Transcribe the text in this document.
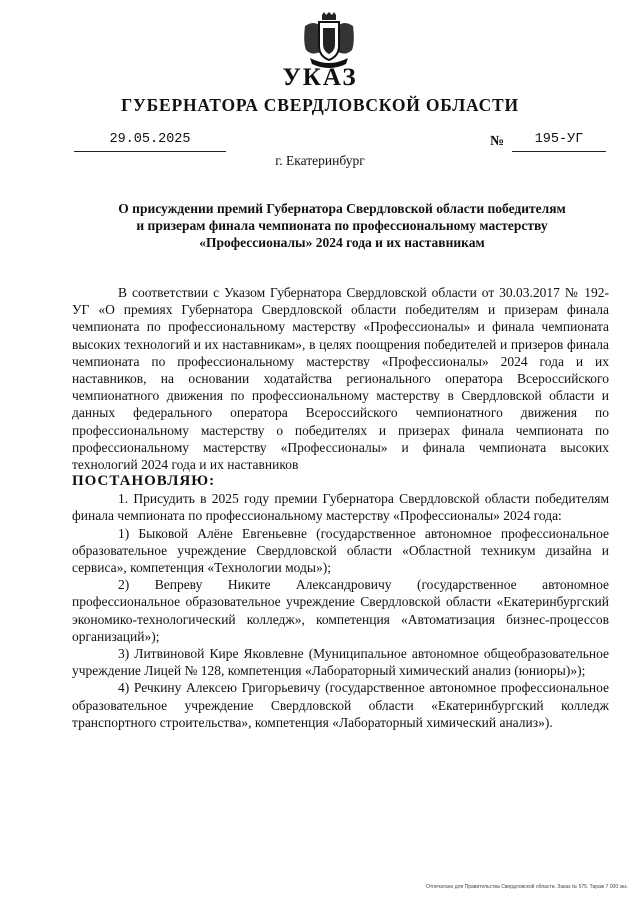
УКАЗ
ГУБЕРНАТОРА СВЕРДЛОВСКОЙ ОБЛАСТИ
29.05.2025	№	195-УГ
г. Екатеринбург
О присуждении премий Губернатора Свердловской области победителям
и призерам финала чемпионата по профессиональному мастерству
«Профессионалы» 2024 года и их наставникам

В соответствии с Указом Губернатора Свердловской области от 30.03.2017 № 192-УГ «О премиях Губернатора Свердловской области победителям и призерам финала чемпионата по профессиональному мастерству «Профессионалы» и финала чемпионата высоких технологий и их наставникам», в целях поощрения победителей и призеров финала чемпионата по профессиональному мастерству «Профессионалы» 2024 года и их наставников, на основании ходатайства регионального оператора Всероссийского чемпионатного движения по профессиональному мастерству в Свердловской области и данных федерального оператора Всероссийского чемпионатного движения по профессиональному мастерству о победителях и призерах финала чемпионата по профессиональному мастерству «Профессионалы» и финала чемпионата высоких технологий 2024 года и их наставников

ПОСТАНОВЛЯЮ:

1. Присудить в 2025 году премии Губернатора Свердловской области победителям финала чемпионата по профессиональному мастерству «Профессионалы» 2024 года:

1) Быковой Алёне Евгеньевне (государственное автономное профессиональное образовательное учреждение Свердловской области «Областной техникум дизайна и сервиса», компетенция «Технологии моды»);

2) Вепреву Никите Александровичу (государственное автономное профессиональное образовательное учреждение Свердловской области «Екатеринбургский экономико-технологический колледж», компетенция «Автоматизация бизнес-процессов организаций»);

3) Литвиновой Кире Яковлевне (Муниципальное автономное общеобразовательное учреждение Лицей № 128, компетенция «Лабораторный химический анализ (юниоры)»);

4) Речкину Алексею Григорьевичу (государственное автономное профессиональное образовательное учреждение Свердловской области «Екатеринбургский колледж транспортного строительства», компетенция «Лабораторный химический анализ»).

Отпечатано для Правительства Свердловской области. Заказ № 575. Тираж 7 000 экз.
